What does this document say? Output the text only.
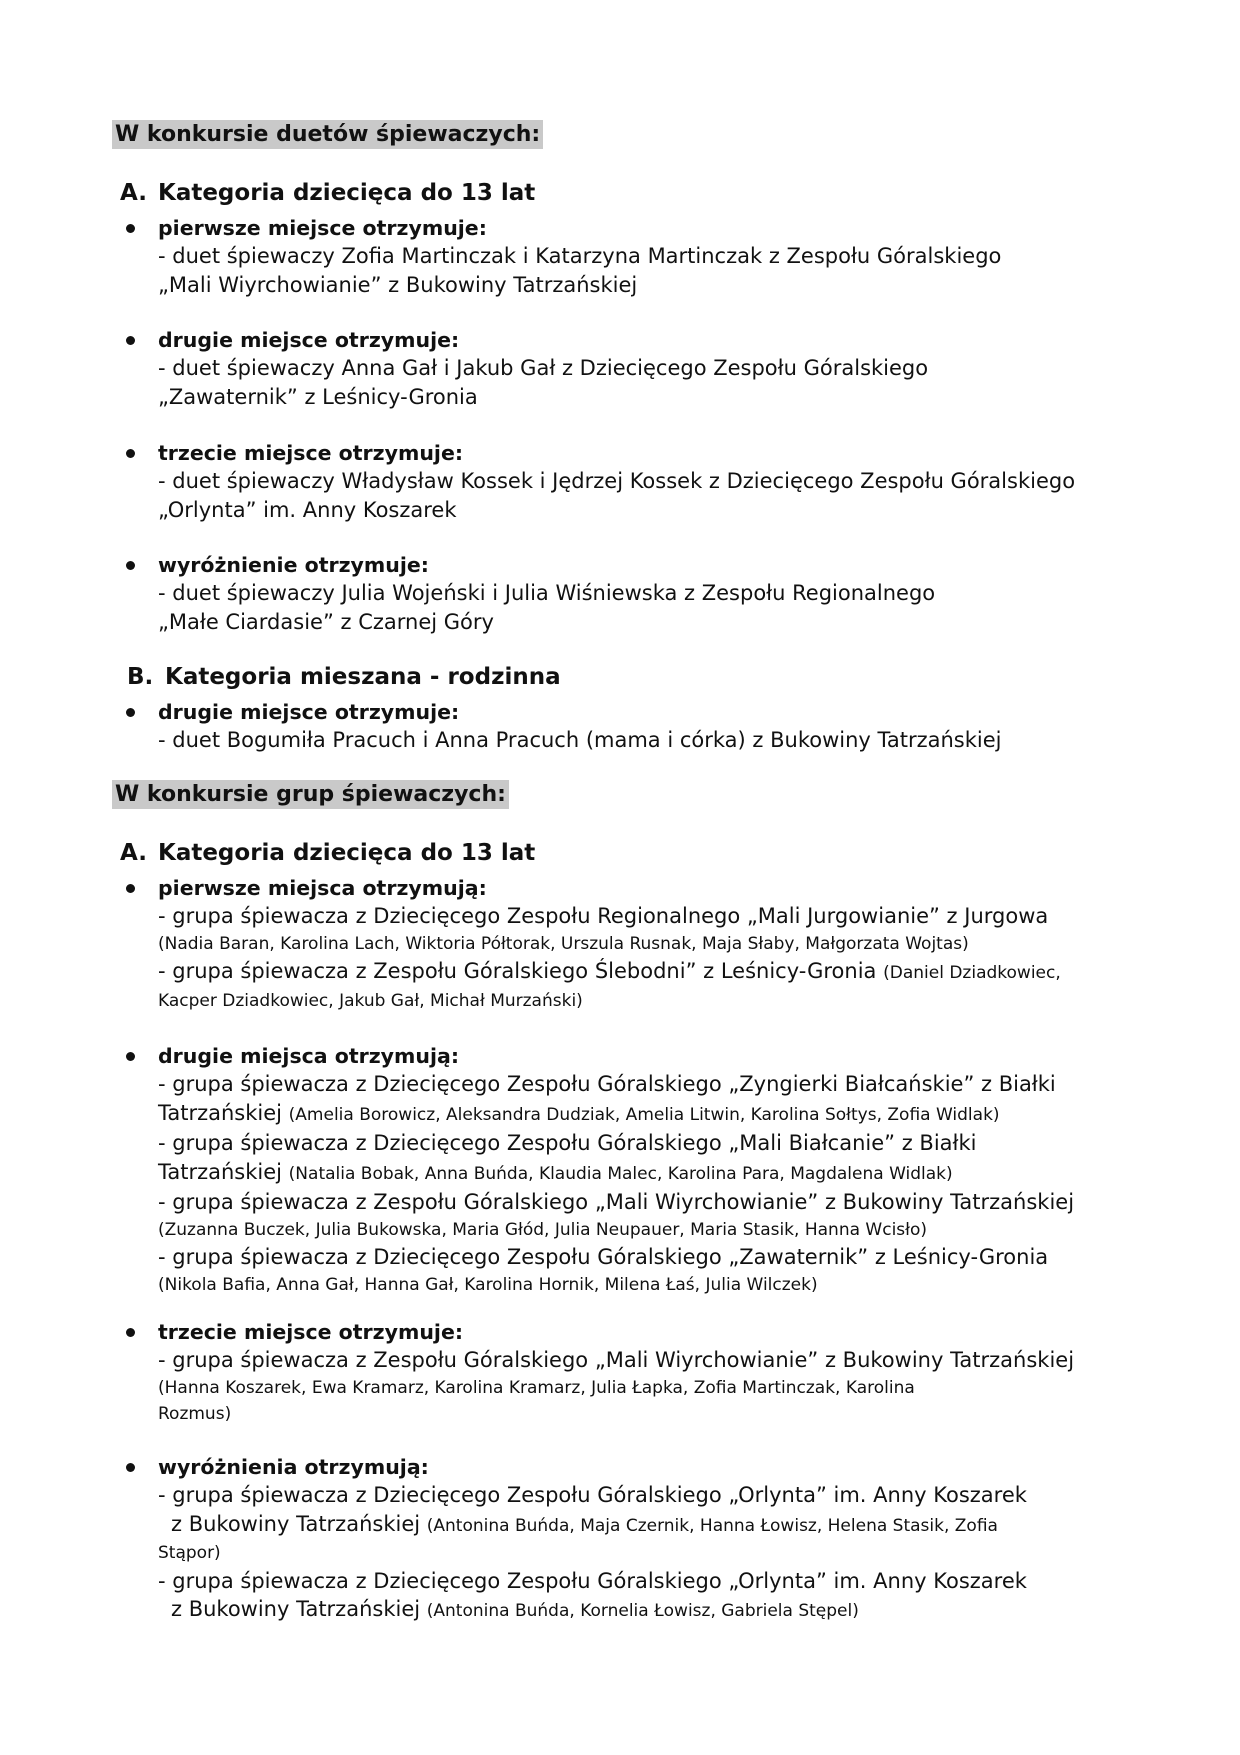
W konkursie duetów śpiewaczych:
A. Kategoria dziecięca do 13 lat
pierwsze miejsce otrzymuje:
- duet śpiewaczy Zofia Martinczak i Katarzyna Martinczak z Zespołu Góralskiego
„Mali Wiyrchowianie” z Bukowiny Tatrzańskiej
drugie miejsce otrzymuje:
- duet śpiewaczy Anna Gał i Jakub Gał z Dziecięcego Zespołu Góralskiego
„Zawaternik” z Leśnicy-Gronia
trzecie miejsce otrzymuje:
- duet śpiewaczy Władysław Kossek i Jędrzej Kossek z Dziecięcego Zespołu Góralskiego
„Orlynta” im. Anny Koszarek
wyróżnienie otrzymuje:
- duet śpiewaczy Julia Wojeński i Julia Wiśniewska z Zespołu Regionalnego
„Małe Ciardasie” z Czarnej Góry
B. Kategoria mieszana - rodzinna
drugie miejsce otrzymuje:
- duet Bogumiła Pracuch i Anna Pracuch (mama i córka) z Bukowiny Tatrzańskiej
W konkursie grup śpiewaczych:
A. Kategoria dziecięca do 13 lat
pierwsze miejsca otrzymują:
- grupa śpiewacza z Dziecięcego Zespołu Regionalnego „Mali Jurgowianie” z Jurgowa
(Nadia Baran, Karolina Lach, Wiktoria Półtorak, Urszula Rusnak, Maja Słaby, Małgorzata Wojtas)
- grupa śpiewacza z Zespołu Góralskiego Ślebodni” z Leśnicy-Gronia (Daniel Dziadkowiec,
Kacper Dziadkowiec, Jakub Gał, Michał Murzański)
drugie miejsca otrzymują:
- grupa śpiewacza z Dziecięcego Zespołu Góralskiego „Zyngierki Białcańskie” z Białki
Tatrzańskiej (Amelia Borowicz, Aleksandra Dudziak, Amelia Litwin, Karolina Sołtys, Zofia Widlak)
- grupa śpiewacza z Dziecięcego Zespołu Góralskiego „Mali Białcanie” z Białki
Tatrzańskiej (Natalia Bobak, Anna Buńda, Klaudia Malec, Karolina Para, Magdalena Widlak)
- grupa śpiewacza z Zespołu Góralskiego „Mali Wiyrchowianie” z Bukowiny Tatrzańskiej
(Zuzanna Buczek, Julia Bukowska, Maria Głód, Julia Neupauer, Maria Stasik, Hanna Wcisło)
- grupa śpiewacza z Dziecięcego Zespołu Góralskiego „Zawaternik” z Leśnicy-Gronia
(Nikola Bafia, Anna Gał, Hanna Gał, Karolina Hornik, Milena Łaś, Julia Wilczek)
trzecie miejsce otrzymuje:
- grupa śpiewacza z Zespołu Góralskiego „Mali Wiyrchowianie” z Bukowiny Tatrzańskiej
(Hanna Koszarek, Ewa Kramarz, Karolina Kramarz, Julia Łapka, Zofia Martinczak, Karolina
Rozmus)
wyróżnienia otrzymują:
- grupa śpiewacza z Dziecięcego Zespołu Góralskiego „Orlynta” im. Anny Koszarek
z Bukowiny Tatrzańskiej (Antonina Buńda, Maja Czernik, Hanna Łowisz, Helena Stasik, Zofia
Stąpor)
- grupa śpiewacza z Dziecięcego Zespołu Góralskiego „Orlynta” im. Anny Koszarek
z Bukowiny Tatrzańskiej (Antonina Buńda, Kornelia Łowisz, Gabriela Stępel)
